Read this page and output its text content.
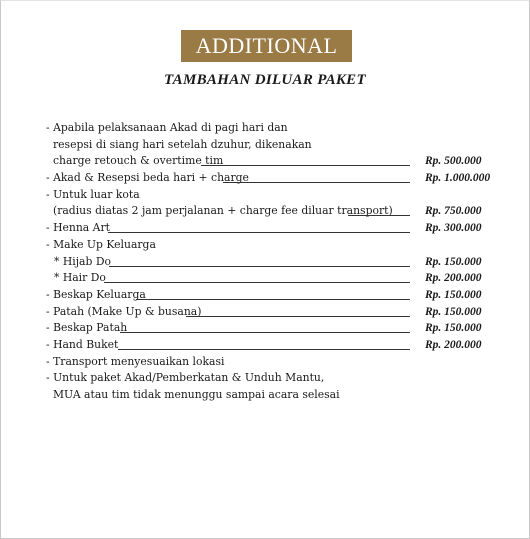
ADDITIONAL
TAMBAHAN DILUAR PAKET
- Apabila pelaksanaan Akad di pagi hari dan
resepsi di siang hari setelah dzuhur, dikenakan
charge retouch & overtime tim	Rp. 500.000
- Akad & Resepsi beda hari + charge	Rp. 1.000.000
- Untuk luar kota
(radius diatas 2 jam perjalanan + charge fee diluar transport)	Rp. 750.000
- Henna Art	Rp. 300.000
- Make Up Keluarga
* Hijab Do	Rp. 150.000
* Hair Do	Rp. 200.000
- Beskap Keluarga	Rp. 150.000
- Patah (Make Up & busana)	Rp. 150.000
- Beskap Patah	Rp. 150.000
- Hand Buket	Rp. 200.000
- Transport menyesuaikan lokasi
- Untuk paket Akad/Pemberkatan & Unduh Mantu,
MUA atau tim tidak menunggu sampai acara selesai
